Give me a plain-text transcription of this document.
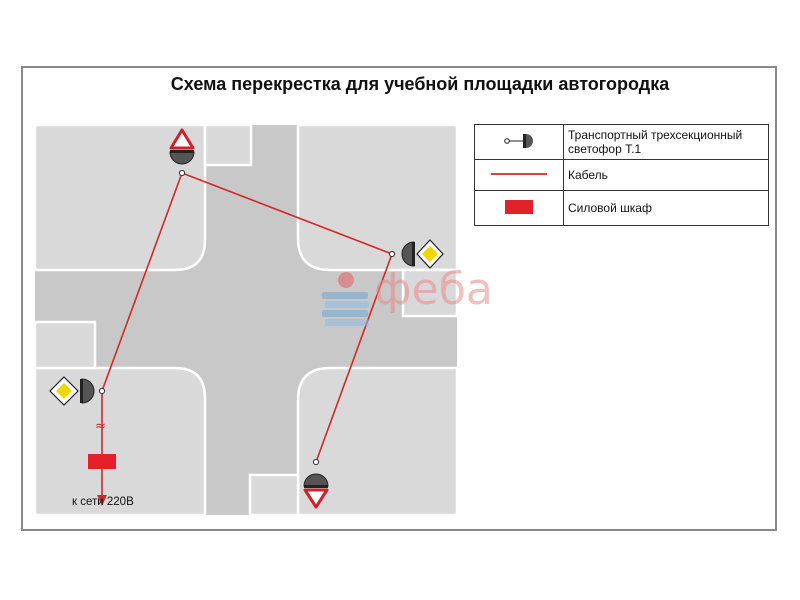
Схема перекрестка для учебной площадки автогородка
≈
феба
к сети 220В
	Транспортный трехсекционный светофор Т.1
	Кабель
	Силовой шкаф
